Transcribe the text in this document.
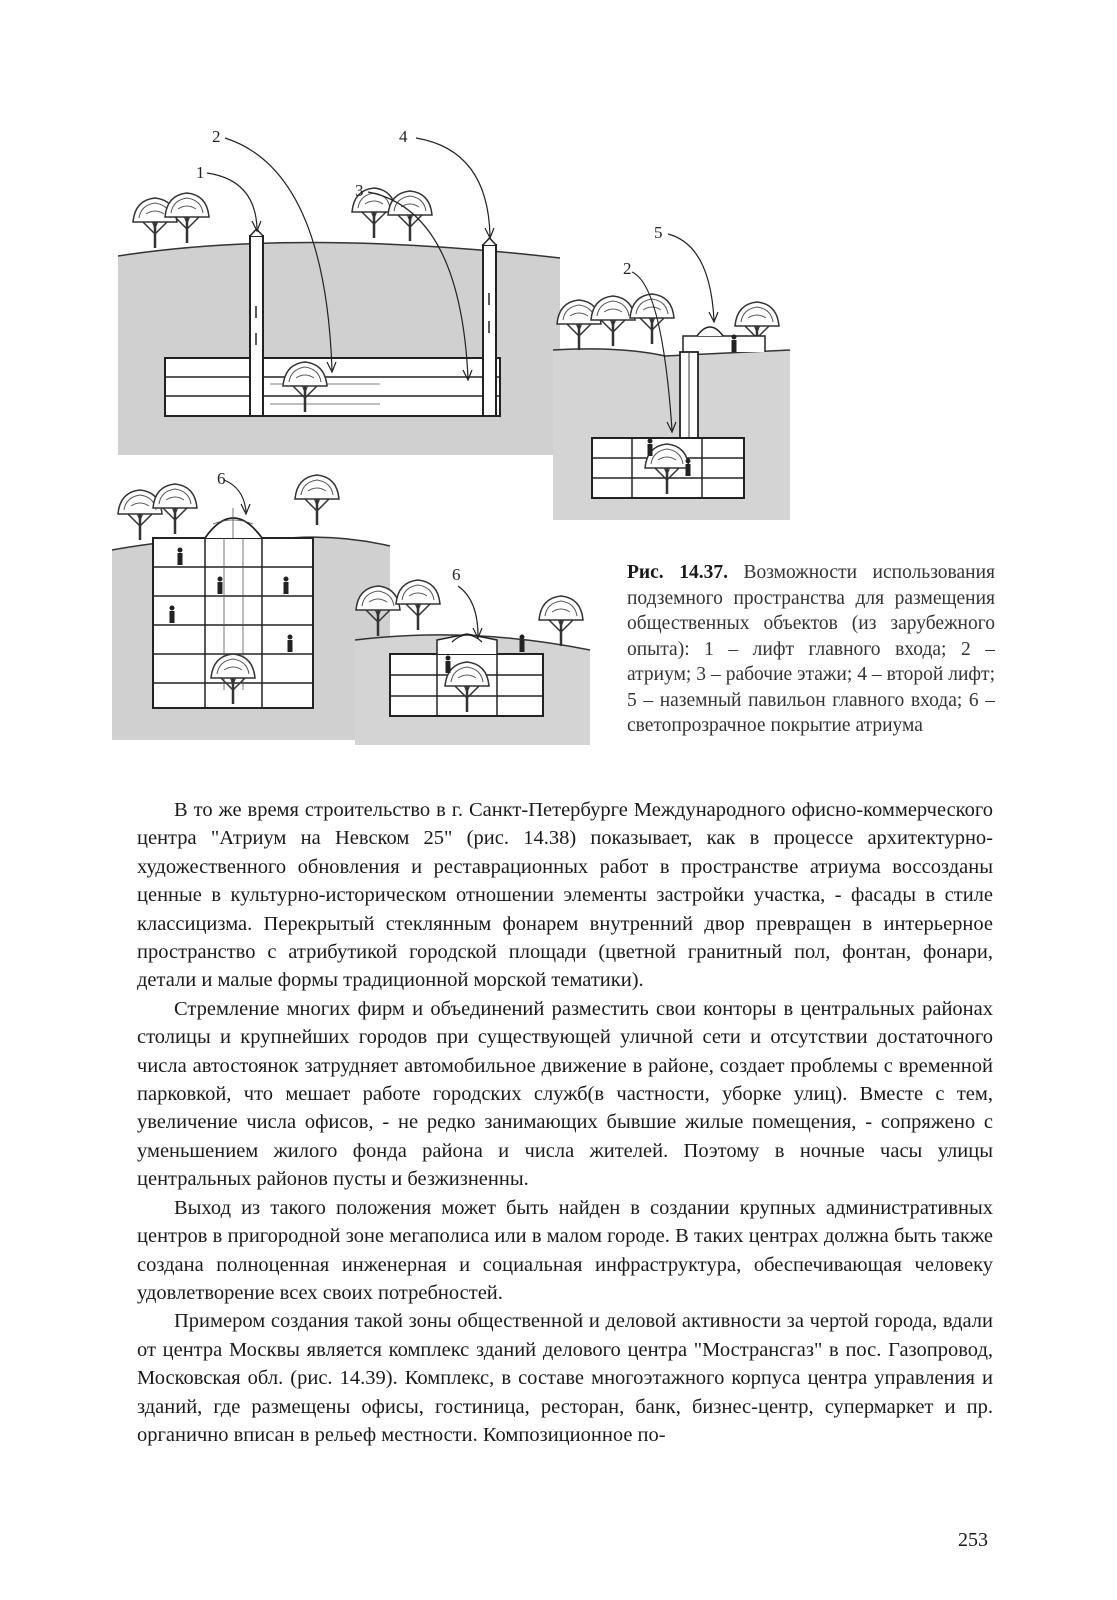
2
1
4
3
5
2
6
6	Рис. 14.37. Возможности использования подземного пространства для размещения общественных объектов (из зарубежного опыта): 1 – лифт главного входа; 2 – атриум; 3 – рабочие этажи; 4 – второй лифт; 5 – наземный павильон главного входа; 6 – светопрозрачное покрытие атриума

В то же время строительство в г. Санкт-Петербурге Международного офисно-коммерческого центра "Атриум на Невском 25" (рис. 14.38) показывает, как в процессе архитектурно-художественного обновления и реставрационных работ в пространстве атриума воссозданы ценные в культурно-историческом отношении элементы застройки участка, - фасады в стиле классицизма. Перекрытый стеклянным фонарем внутренний двор превращен в интерьерное пространство с атрибутикой городской площади (цветной гранитный пол, фонтан, фонари, детали и малые формы традиционной морской тематики).

Стремление многих фирм и объединений разместить свои конторы в центральных районах столицы и крупнейших городов при существующей уличной сети и отсутствии достаточного числа автостоянок затрудняет автомобильное движение в районе, создает проблемы с временной парковкой, что мешает работе городских служб(в частности, уборке улиц). Вместе с тем, увеличение числа офисов, - не редко занимающих бывшие жилые помещения, - сопряжено с уменьшением жилого фонда района и числа жителей. Поэтому в ночные часы улицы центральных районов пусты и безжизненны.

Выход из такого положения может быть найден в создании крупных административных центров в пригородной зоне мегаполиса или в малом городе. В таких центрах должна быть также создана полноценная инженерная и социальная инфраструктура, обеспечивающая человеку удовлетворение всех своих потребностей.

Примером создания такой зоны общественной и деловой активности за чертой города, вдали от центра Москвы является комплекс зданий делового центра "Мострансгаз" в пос. Газопровод, Московская обл. (рис. 14.39). Комплекс, в составе многоэтажного корпуса центра управления и зданий, где размещены офисы, гостиница, ресторан, банк, бизнес-центр, супермаркет и пр. органично вписан в рельеф местности. Композиционное по-

253
